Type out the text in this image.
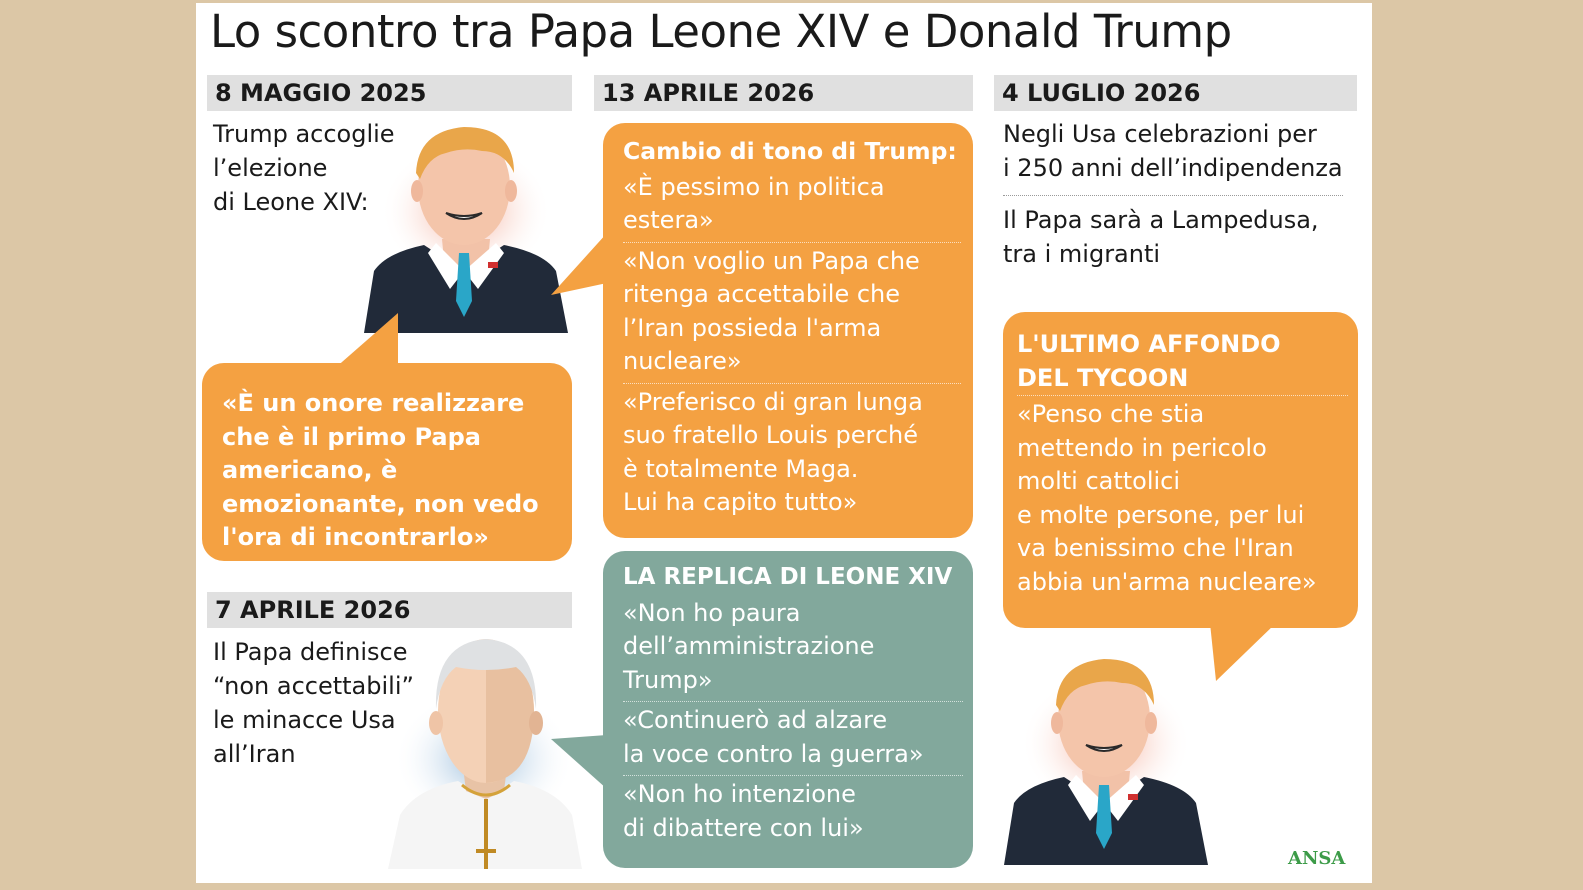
Lo scontro tra Papa Leone XIV e Donald Trump
8 MAGGIO 2025
Trump accoglie
l’elezione
di Leone XIV:
«È un onore realizzare
che è il primo Papa
americano, è
emozionante, non vedo
l'ora di incontrarlo»
7 APRILE 2026
Il Papa definisce
“non accettabili”
le minacce Usa
all’Iran
13 APRILE 2026
Cambio di tono di Trump:
«È pessimo in politica
estera»
«Non voglio un Papa che
ritenga accettabile che
l’Iran possieda l'arma
nucleare»
«Preferisco di gran lunga
suo fratello Louis perché
è totalmente Maga.
Lui ha capito tutto»
LA REPLICA DI LEONE XIV
«Non ho paura
dell’amministrazione
Trump»
«Continuerò ad alzare
la voce contro la guerra»
«Non ho intenzione
di dibattere con lui»
4 LUGLIO 2026
Negli Usa celebrazioni per
i 250 anni dell’indipendenza
Il Papa sarà a Lampedusa,
tra i migranti
L'ULTIMO AFFONDO
DEL TYCOON
«Penso che stia
mettendo in pericolo
molti cattolici
e molte persone, per lui
va benissimo che l'Iran
abbia un'arma nucleare»
ANSA
